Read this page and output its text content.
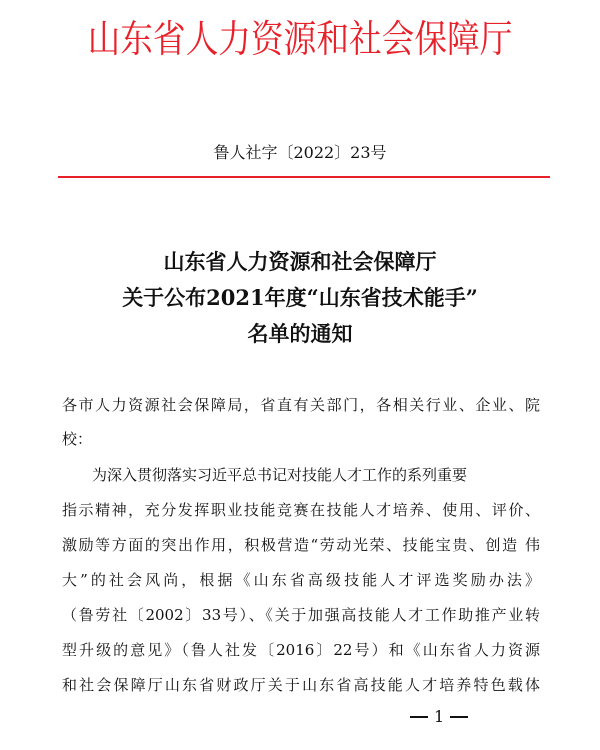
山东省人力资源和社会保障厅
鲁人社字〔2022〕23号
山东省人力资源和社会保障厅
关于公布2021年度“山东省技术能手”
名单的通知
各市人力资源社会保障局，省直有关部门，各相关行业、企业、院
校：
为深入贯彻落实习近平总书记对技能人才工作的系列重要
指示精神，充分发挥职业技能竞赛在技能人才培养、使用、评价、
激励等方面的突出作用，积极营造“劳动光荣、技能宝贵、创造 伟
大”的社会风尚，根据《山东省高级技能人才评选奖励办法》
（鲁劳社〔2002〕33号）、《关于加强高技能人才工作助推产业转
型升级的意见》（鲁人社发〔2016〕22号）和《山东省人力资源
和社会保障厅山东省财政厅关于山东省高技能人才培养特色载体
1
